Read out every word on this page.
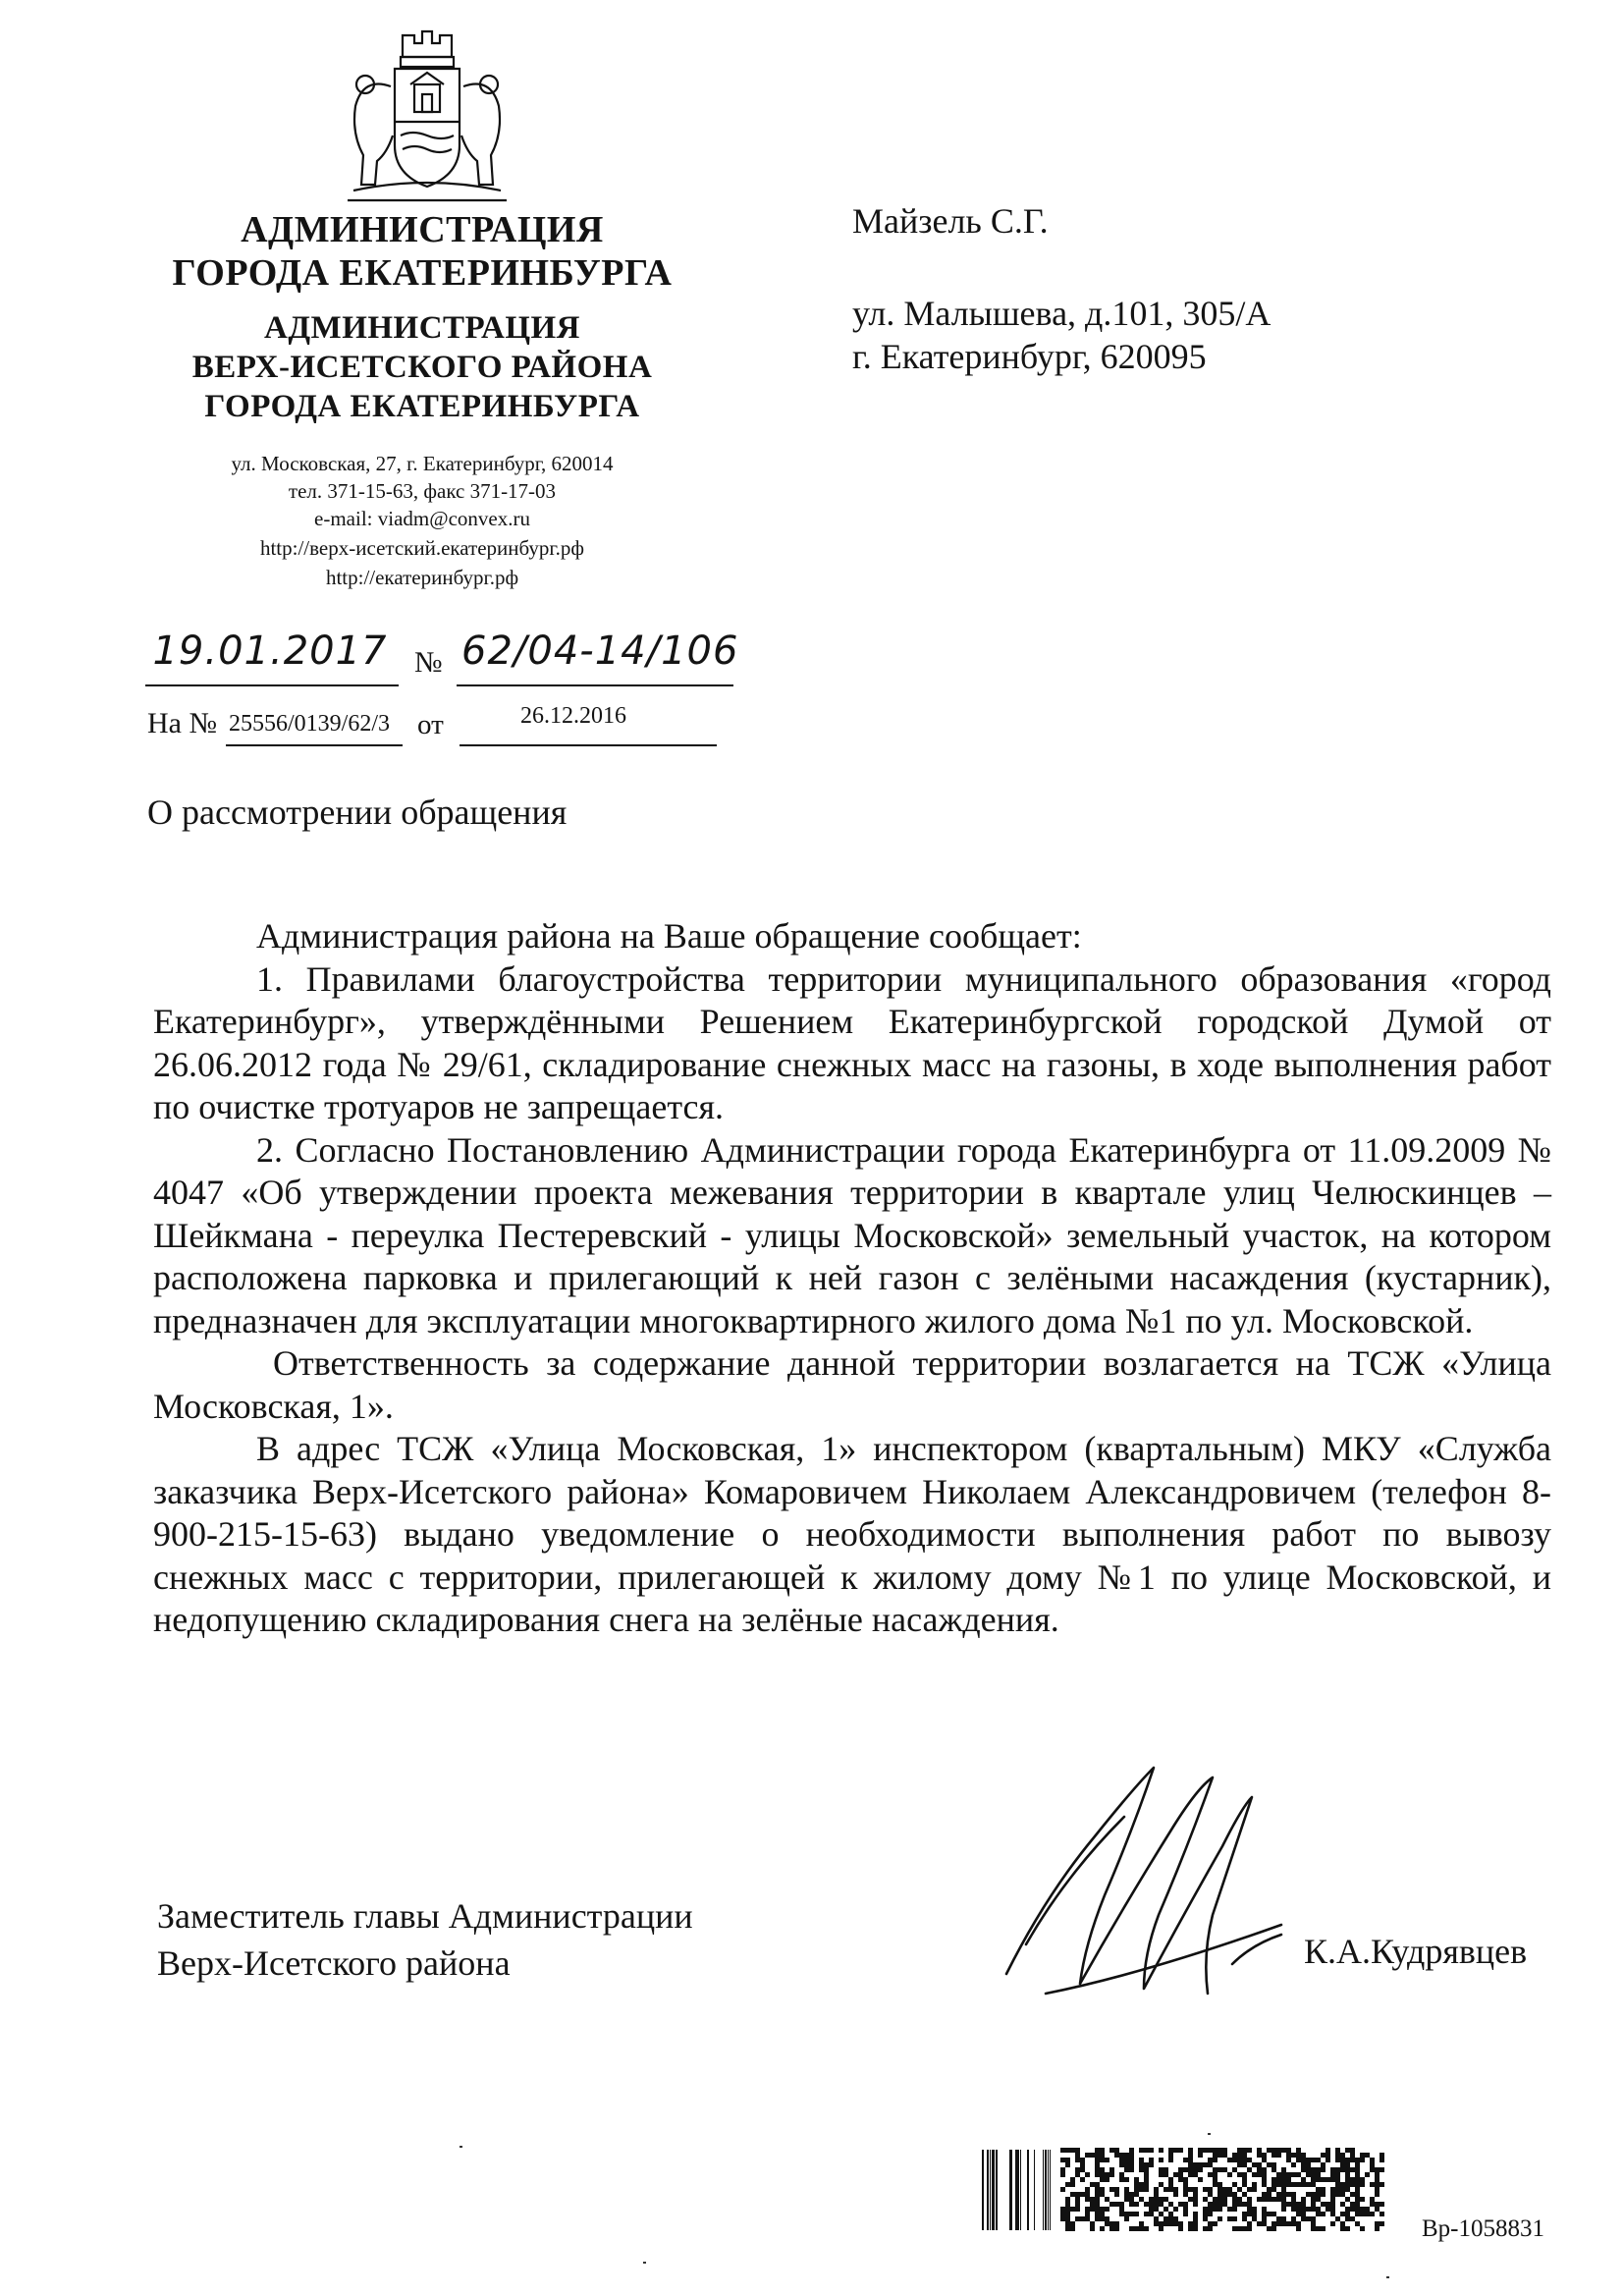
АДМИНИСТРАЦИЯ
ГОРОДА ЕКАТЕРИНБУРГА
АДМИНИСТРАЦИЯ
ВЕРХ-ИСЕТСКОГО РАЙОНА
ГОРОДА ЕКАТЕРИНБУРГА
ул. Московская, 27, г. Екатеринбург, 620014
тел. 371-15-63, факс 371-17-03
e-mail: viadm@convex.ru
http://верх-исетский.екатеринбург.рф
http://екатеринбург.рф
19.01.2017 № 62/04-14/106
На № 25556/0139/62/3 от	26.12.2016
Майзель С.Г.
ул. Малышева, д.101, 305/А
г. Екатеринбург, 620095
О рассмотрении обращения

Администрация района на Ваше обращение сообщает:

1. Правилами благоустройства территории муниципального образования «город Екатеринбург», утверждёнными Решением Екатеринбургской городской Думой от 26.06.2012 года № 29/61, складирование снежных масс на газоны, в ходе выполнения работ по очистке тротуаров не запрещается.

2. Согласно Постановлению Администрации города Екатеринбурга от 11.09.2009 № 4047 «Об утверждении проекта межевания территории в квартале улиц Челюскинцев –Шейкмана - переулка Пестеревский - улицы Московской» земельный участок, на котором расположена парковка и прилегающий к ней газон с зелёными насаждения (кустарник), предназначен для эксплуатации многоквартирного жилого дома №1 по ул. Московской.

Ответственность за содержание данной территории возлагается на ТСЖ «Улица Московская, 1».

В адрес ТСЖ «Улица Московская, 1» инспектором (квартальным) МКУ «Служба заказчика Верх-Исетского района» Комаровичем Николаем Александровичем (телефон 8-900-215-15-63) выдано уведомление о необходимости выполнения работ по вывозу снежных масс с территории, прилегающей к жилому дому №1 по улице Московской, и недопущению складирования снега на зелёные насаждения.

Заместитель главы Администрации
Верх-Исетского района	К.А.Кудрявцев
Вр-1058831
